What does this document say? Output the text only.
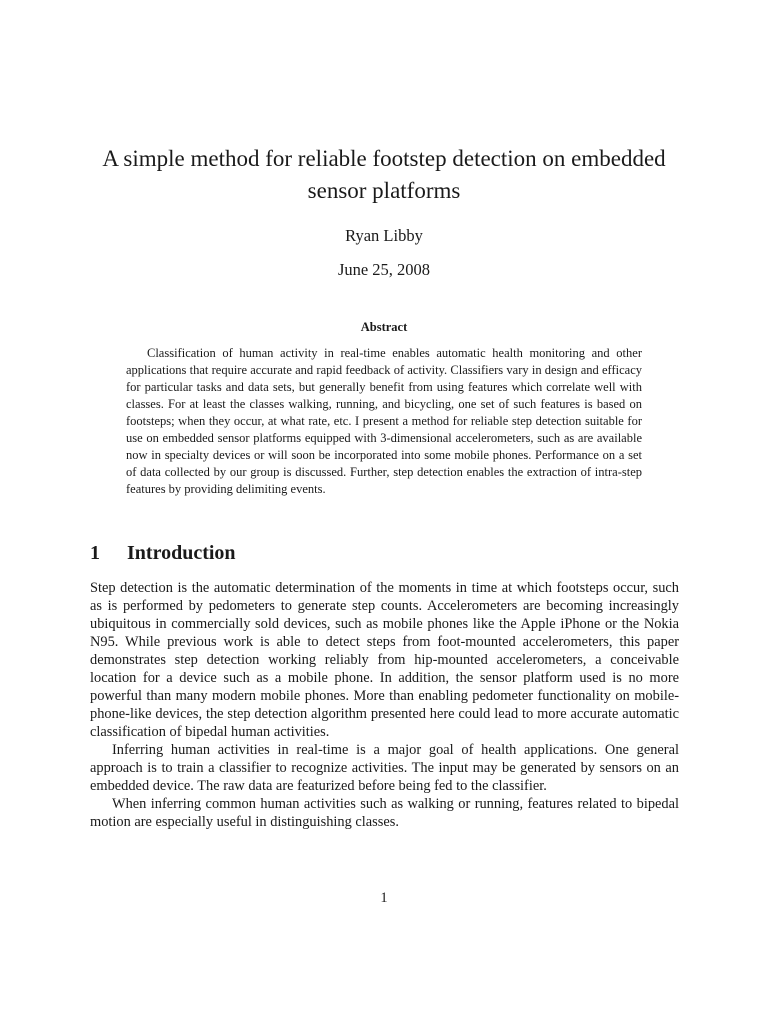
A simple method for reliable footstep detection on embedded sensor platforms
Ryan Libby
June 25, 2008
Abstract

Classification of human activity in real-time enables automatic health monitoring and other applications that require accurate and rapid feedback of activity. Classifiers vary in design and efficacy for particular tasks and data sets, but generally benefit from using features which correlate well with classes. For at least the classes walking, running, and bicycling, one set of such features is based on footsteps; when they occur, at what rate, etc. I present a method for reliable step detection suitable for use on embedded sensor platforms equipped with 3-dimensional accelerometers, such as are available now in specialty devices or will soon be incorporated into some mobile phones. Performance on a set of data collected by our group is discussed. Further, step detection enables the extraction of intra-step features by providing delimiting events.

1 Introduction

Step detection is the automatic determination of the moments in time at which footsteps occur, such as is performed by pedometers to generate step counts. Accelerometers are becoming increasingly ubiquitous in commercially sold devices, such as mobile phones like the Apple iPhone or the Nokia N95. While previous work is able to detect steps from foot-mounted accelerometers, this paper demonstrates step detection working reliably from hip-mounted accelerometers, a conceivable location for a device such as a mobile phone. In addition, the sensor platform used is no more powerful than many modern mobile phones. More than enabling pedometer functionality on mobile-phone-like devices, the step detection algorithm presented here could lead to more accurate automatic classification of bipedal human activities.

Inferring human activities in real-time is a major goal of health applications. One general approach is to train a classifier to recognize activities. The input may be generated by sensors on an embedded device. The raw data are featurized before being fed to the classifier.

When inferring common human activities such as walking or running, features related to bipedal motion are especially useful in distinguishing classes.

1
